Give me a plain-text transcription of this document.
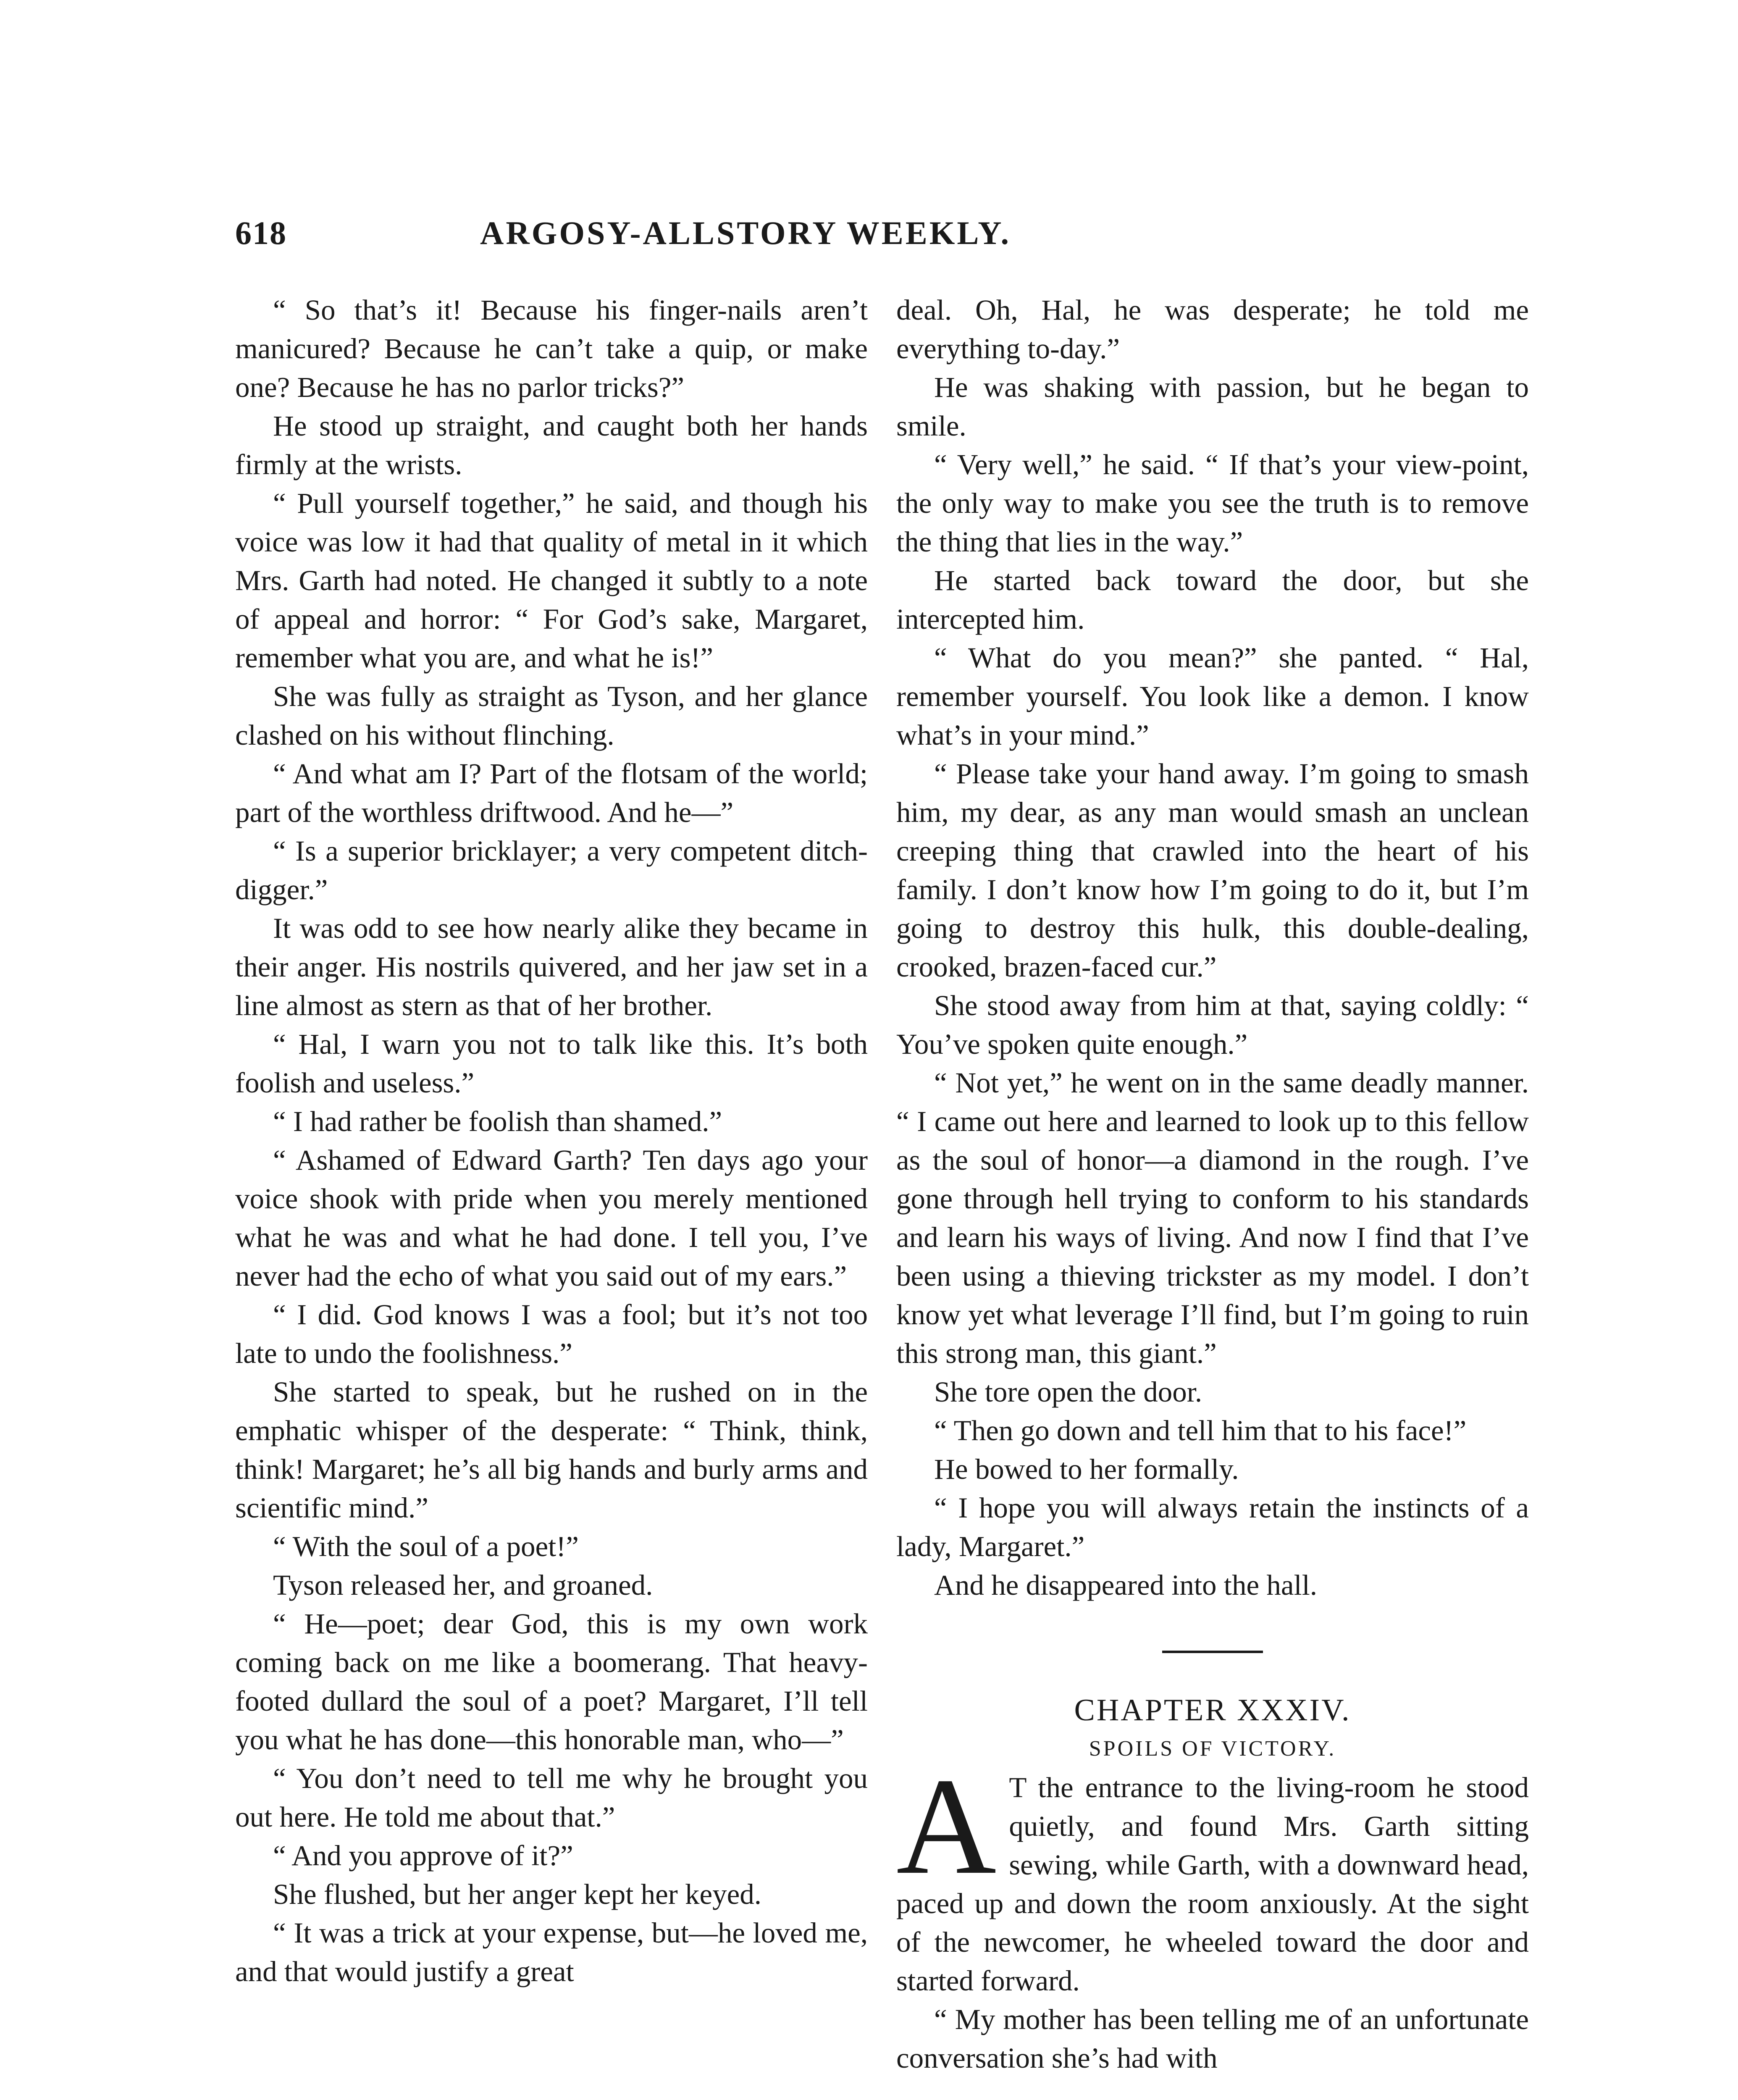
618	ARGOSY-ALLSTORY WEEKLY.

“ So that’s it! Because his finger-nails aren’t manicured? Because he can’t take a quip, or make one? Because he has no parlor tricks?”

He stood up straight, and caught both her hands firmly at the wrists.

“ Pull yourself together,” he said, and though his voice was low it had that quality of metal in it which Mrs. Garth had noted. He changed it subtly to a note of appeal and horror: “ For God’s sake, Margaret, remember what you are, and what he is!”

She was fully as straight as Tyson, and her glance clashed on his without flinching.

“ And what am I? Part of the flotsam of the world; part of the worthless driftwood. And he—”

“ Is a superior bricklayer; a very competent ditch-digger.”

It was odd to see how nearly alike they became in their anger. His nostrils quivered, and her jaw set in a line almost as stern as that of her brother.

“ Hal, I warn you not to talk like this. It’s both foolish and useless.”

“ I had rather be foolish than shamed.”

“ Ashamed of Edward Garth? Ten days ago your voice shook with pride when you merely mentioned what he was and what he had done. I tell you, I’ve never had the echo of what you said out of my ears.”

“ I did. God knows I was a fool; but it’s not too late to undo the foolishness.”

She started to speak, but he rushed on in the emphatic whisper of the desperate: “ Think, think, think! Margaret; he’s all big hands and burly arms and scientific mind.”

“ With the soul of a poet!”

Tyson released her, and groaned.

“ He—poet; dear God, this is my own work coming back on me like a boomerang. That heavy-footed dullard the soul of a poet? Margaret, I’ll tell you what he has done—this honorable man, who—”

“ You don’t need to tell me why he brought you out here. He told me about that.”

“ And you approve of it?”

She flushed, but her anger kept her keyed.

“ It was a trick at your expense, but—he loved me, and that would justify a great

deal. Oh, Hal, he was desperate; he told me everything to-day.”

He was shaking with passion, but he began to smile.

“ Very well,” he said. “ If that’s your view-point, the only way to make you see the truth is to remove the thing that lies in the way.”

He started back toward the door, but she intercepted him.

“ What do you mean?” she panted. “ Hal, remember yourself. You look like a demon. I know what’s in your mind.”

“ Please take your hand away. I’m going to smash him, my dear, as any man would smash an unclean creeping thing that crawled into the heart of his family. I don’t know how I’m going to do it, but I’m going to destroy this hulk, this double-dealing, crooked, brazen-faced cur.”

She stood away from him at that, saying coldly: “ You’ve spoken quite enough.”

“ Not yet,” he went on in the same deadly manner. “ I came out here and learned to look up to this fellow as the soul of honor—a diamond in the rough. I’ve gone through hell trying to conform to his standards and learn his ways of living. And now I find that I’ve been using a thieving trickster as my model. I don’t know yet what leverage I’ll find, but I’m going to ruin this strong man, this giant.”

She tore open the door.

“ Then go down and tell him that to his face!”

He bowed to her formally.

“ I hope you will always retain the instincts of a lady, Margaret.”

And he disappeared into the hall.

CHAPTER XXXIV.

SPOILS OF VICTORY.

A T the entrance to the living-room he stood quietly, and found Mrs. Garth sitting sewing, while Garth, with a downward head, paced up and down the room anxiously. At the sight of the newcomer, he wheeled toward the door and started forward.

“ My mother has been telling me of an unfortunate conversation she’s had with
